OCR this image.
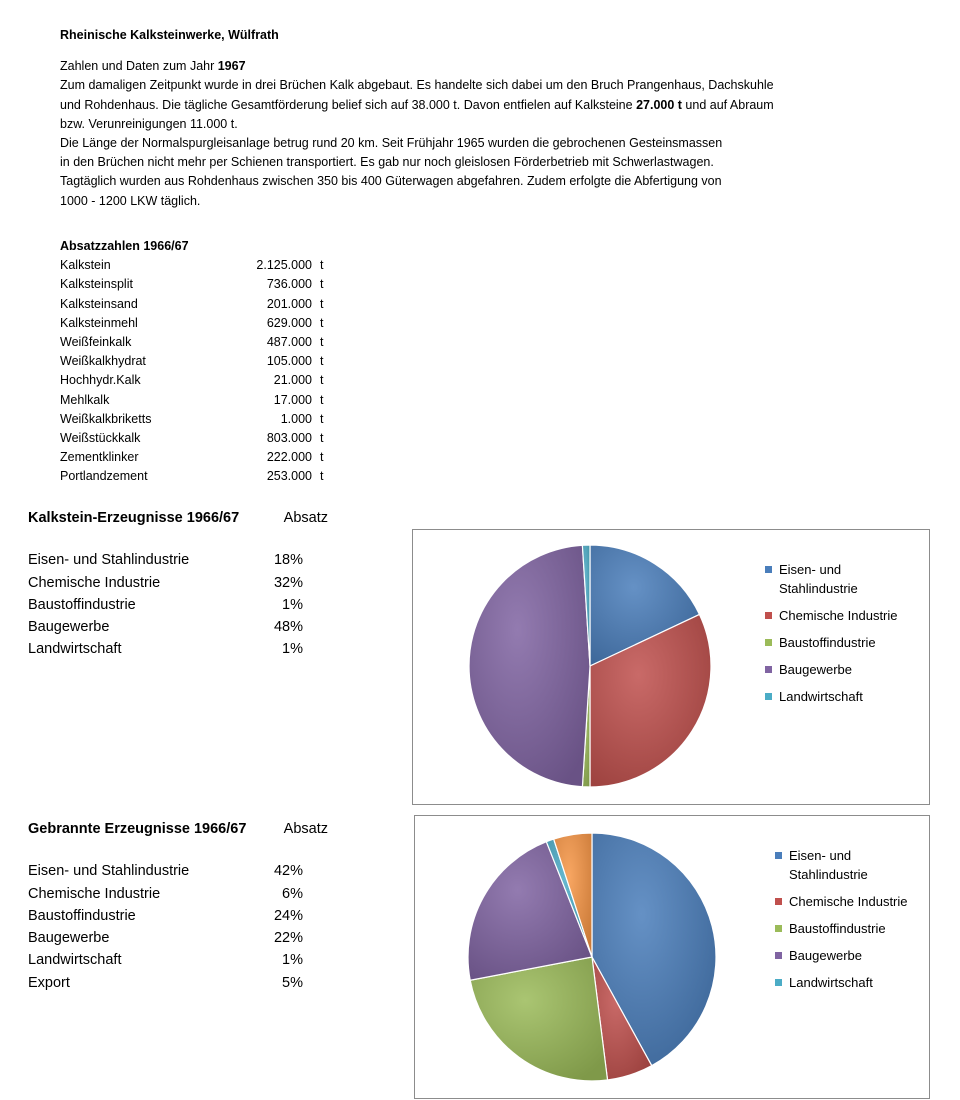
Rheinische Kalksteinwerke, Wülfrath

Zahlen und Daten zum Jahr 1967

Zum damaligen Zeitpunkt wurde in drei Brüchen Kalk abgebaut. Es handelte sich dabei um den Bruch Prangenhaus, Dachskuhle

und Rohdenhaus. Die tägliche Gesamtförderung belief sich auf 38.000 t. Davon entfielen auf Kalksteine 27.000 t und auf Abraum

bzw. Verunreinigungen 11.000 t.

Die Länge der Normalspurgleisanlage betrug rund 20 km. Seit Frühjahr 1965 wurden die gebrochenen Gesteinsmassen

in den Brüchen nicht mehr per Schienen transportiert. Es gab nur noch gleislosen Förderbetrieb mit Schwerlastwagen.

Tagtäglich wurden aus Rohdenhaus zwischen 350 bis 400 Güterwagen abgefahren. Zudem erfolgte die Abfertigung von

1000 - 1200 LKW täglich.

Absatzzahlen 1966/67
Kalkstein	2.125.000 t
Kalksteinsplit	736.000 t
Kalksteinsand	201.000 t
Kalksteinmehl	629.000 t
Weißfeinkalk	487.000 t
Weißkalkhydrat	105.000 t
Hochhydr.Kalk	21.000 t
Mehlkalk	17.000 t
Weißkalkbriketts	1.000 t
Weißstückkalk	803.000 t
Zementklinker	222.000 t
Portlandzement	253.000 t
Kalkstein-Erzeugnisse 1966/67	Absatz
Eisen- und Stahlindustrie	18%
Chemische Industrie	32%
Baustoffindustrie	1%
Baugewerbe	48%
Landwirtschaft	1%
Eisen- und Stahlindustrie
Chemische Industrie
Baustoffindustrie
Baugewerbe
Landwirtschaft
Gebrannte Erzeugnisse 1966/67	Absatz
Eisen- und Stahlindustrie	42%
Chemische Industrie	6%
Baustoffindustrie	24%
Baugewerbe	22%
Landwirtschaft	1%
Export	5%
Eisen- und Stahlindustrie
Chemische Industrie
Baustoffindustrie
Baugewerbe
Landwirtschaft
